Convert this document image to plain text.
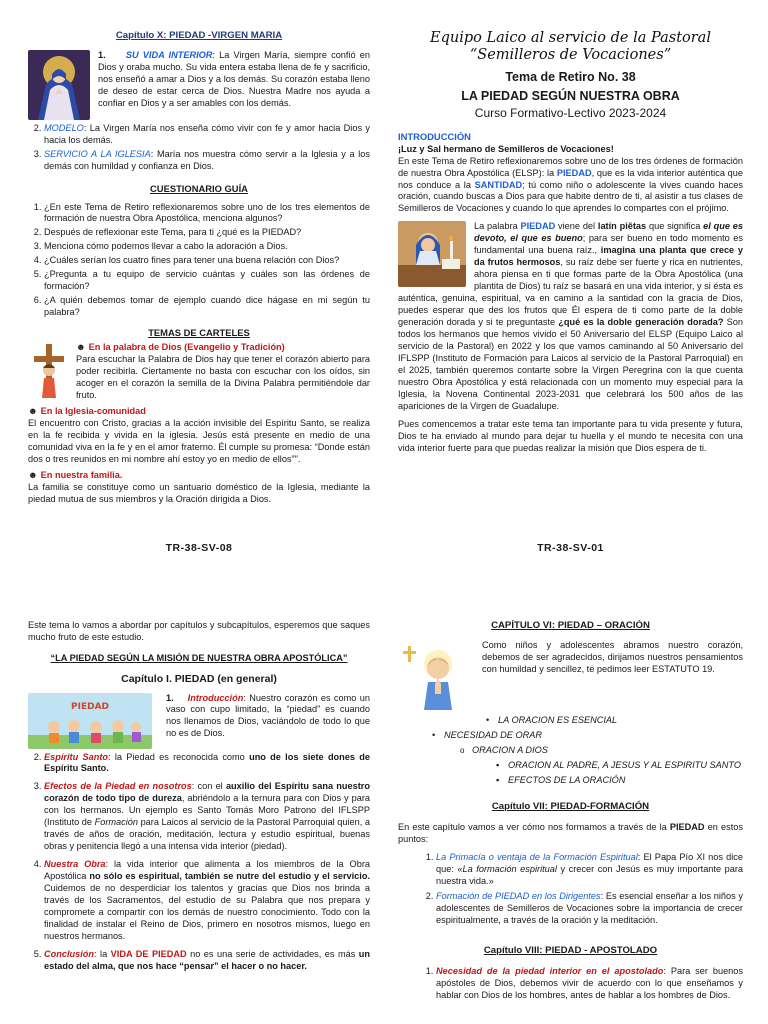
Capítulo X: PIEDAD -VIRGEN MARIA
1. SU VIDA INTERIOR: La Virgen María, siempre confió en Dios y oraba mucho. Su vida entera estaba llena de fe y sacrificio, nos enseñó a amar a Dios y a los demás. Su corazón estaba lleno de deseo de estar cerca de Dios. Nuestra Madre nos ayuda a confiar en Dios y a ser amables con los demás.
2. MODELO: La Virgen María nos enseña cómo vivir con fe y amor hacia Dios y hacia los demás.
3. SERVICIO A LA IGLESIA: María nos muestra cómo servir a la Iglesia y a los demás con humildad y confianza en Dios.
CUESTIONARIO GUÍA
1. ¿En este Tema de Retiro reflexionaremos sobre uno de los tres elementos de formación de nuestra Obra Apostólica, menciona algunos?
2. Después de reflexionar este Tema, para ti ¿qué es la PIEDAD?
3. Menciona cómo podemos llevar a cabo la adoración a Dios.
4. ¿Cuáles serían los cuatro fines para tener una buena relación con Dios?
5. ¿Pregunta a tu equipo de servicio cuántas y cuáles son las órdenes de formación?
6. ¿A quién debemos tomar de ejemplo cuando dice hágase en mi según tu palabra?
TEMAS DE CARTELES
☻ En la palabra de Dios (Evangelio y Tradición)
Para escuchar la Palabra de Dios hay que tener el corazón abierto para poder recibirla. Ciertamente no basta con escuchar con los oídos, sin acoger en el corazón la semilla de la Divina Palabra permitiéndole dar fruto.
☻ En la Iglesia-comunidad
El encuentro con Cristo, gracias a la acción invisible del Espíritu Santo, se realiza en la fe recibida y vivida en la iglesia. Jesús está presente en medio de una comunidad viva en la fe y en el amor fraterno. Él cumple su promesa: “Donde están dos o tres reunidos en mi nombre ahí estoy yo en medio de ellos”".
☻ En nuestra familia.
La familia se constituye como un santuario doméstico de la Iglesia, mediante la piedad mutua de sus miembros y la Oración dirigida a Dios.
TR-38-SV-08
Equipo Laico al servicio de la Pastoral
“Semilleros de Vocaciones”
Tema de Retiro No. 38
LA PIEDAD SEGÚN NUESTRA OBRA
Curso Formativo-Lectivo 2023-2024
INTRODUCCIÓN
¡Luz y Sal hermano de Semilleros de Vocaciones!
En este Tema de Retiro reflexionaremos sobre uno de los tres órdenes de formación de nuestra Obra Apostólica (ELSP): la PIEDAD, que es la vida interior auténtica que nos conduce a la SANTIDAD; tú como niño o adolescente la vives cuando haces oración, cuando buscas a Dios para que habite dentro de ti, al asistir a tus clases de Semilleros de Vocaciones y cuando lo que aprendes lo compartes con el prójimo.
La palabra PIEDAD viene del latín piĕtas que significa el que es devoto, el que es bueno; para ser bueno en todo momento es fundamental una buena raíz., imagina una planta que crece y da frutos hermosos, su raíz debe ser fuerte y rica en nutrientes, ahora piensa en ti que formas parte de la Obra Apostólica (una plantita de Dios) tu raíz se basará en una vida interior, y si ésta es auténtica, genuina, espiritual, va en camino a la santidad con la gracia de Dios, puedes esperar que des los frutos que Él espera de ti como parte de la doble generación dorada y si te preguntaste ¿qué es la doble generación dorada? Son todos los hermanos que hemos vivido el 50 Aniversario del ELSP (Equipo Laico al servicio de la Pastoral) en 2022 y los que vamos caminando al 50 Aniversario del IFLSPP (Instituto de Formación para Laicos al servicio de la Pastoral Parroquial) en el 2025, también queremos contarte sobre la Virgen Peregrina con la que cuenta nuestro Obra Apostólica y está relacionada con un momento muy especial para la Iglesia, la Novena Continental 2023-2031 que celebrará los 500 años de las apariciones de la Virgen de Guadalupe.
Pues comencemos a tratar este tema tan importante para tu vida presente y futura, Dios te ha enviado al mundo para dejar tu huella y el mundo te necesita con una vida interior fuerte para que puedas realizar la misión que Dios espera de ti.
TR-38-SV-01
Este tema lo vamos a abordar por capítulos y subcapítulos, esperemos que saques mucho fruto de este estudio.
“LA PIEDAD SEGÚN LA MISIÓN DE NUESTRA OBRA APOSTÓLICA”
Capítulo I. PIEDAD (en general)
PIEDAD
1. Introducción: Nuestro corazón es como un vaso con cupo limitado, la “piedad” es cuando nos llenamos de Dios, vaciándolo de todo lo que no es de Dios.
2. Espíritu Santo: la Piedad es reconocida como uno de los siete dones de Espíritu Santo.
3. Efectos de la Piedad en nosotros: con el auxilio del Espíritu sana nuestro corazón de todo tipo de dureza, abriéndolo a la ternura para con Dios y para con los hermanos. Un ejemplo es Santo Tomás Moro Patrono del IFLSPP (Instituto de Formación para Laicos al servicio de la Pastoral Parroquial quien, a través de años de oración, meditación, lectura y estudio espiritual, buenas obras y penitencia llegó a una intensa vida interior (piedad).
4. Nuestra Obra: la vida interior que alimenta a los miembros de la Obra Apostólica no sólo es espiritual, también se nutre del estudio y el servicio. Cuidemos de no desperdiciar los talentos y gracias que Dios nos brinda a través de los Sacramentos, del estudio de su Palabra que nos prepara y compromete a compartir con los demás de nuestro conocimiento. Todo con la finalidad de instalar el Reino de Dios, primero en nosotros mismos, luego en nuestros hermanos.
5. Conclusión: la VIDA DE PIEDAD no es una serie de actividades, es más un estado del alma, que nos hace “pensar” el hacer o no hacer.
CAPÍTULO VI: PIEDAD – ORACIÓN
Como niños y adolescentes abramos nuestro corazón, debemos de ser agradecidos, dirijamos nuestros pensamientos con humildad y sencillez, te pedimos leer ESTATUTO 19.
• LA ORACION ES ESENCIAL
• NECESIDAD DE ORAR
o ORACION A DIOS
▪ ORACION AL PADRE, A JESUS Y AL ESPIRITU SANTO
▪ EFECTOS DE LA ORACIÓN
Capítulo VII: PIEDAD-FORMACIÓN
En este capítulo vamos a ver cómo nos formamos a través de la PIEDAD en estos puntos:
1. La Primacía o ventaja de la Formación Espiritual: El Papa Pío XI nos dice que: «La formación espiritual y crecer con Jesús es muy importante para nuestra vida.»
2. Formación de PIEDAD en los Dirigentes: Es esencial enseñar a los niños y adolescentes de Semilleros de Vocaciones sobre la importancia de crecer espiritualmente, a través de la oración y la meditación.
Capítulo VIII: PIEDAD - APOSTOLADO
1. Necesidad de la piedad interior en el apostolado: Para ser buenos apóstoles de Dios, debemos vivir de acuerdo con lo que enseñamos y hablar con Dios de los hombres, antes de hablar a los hombres de Dios.
